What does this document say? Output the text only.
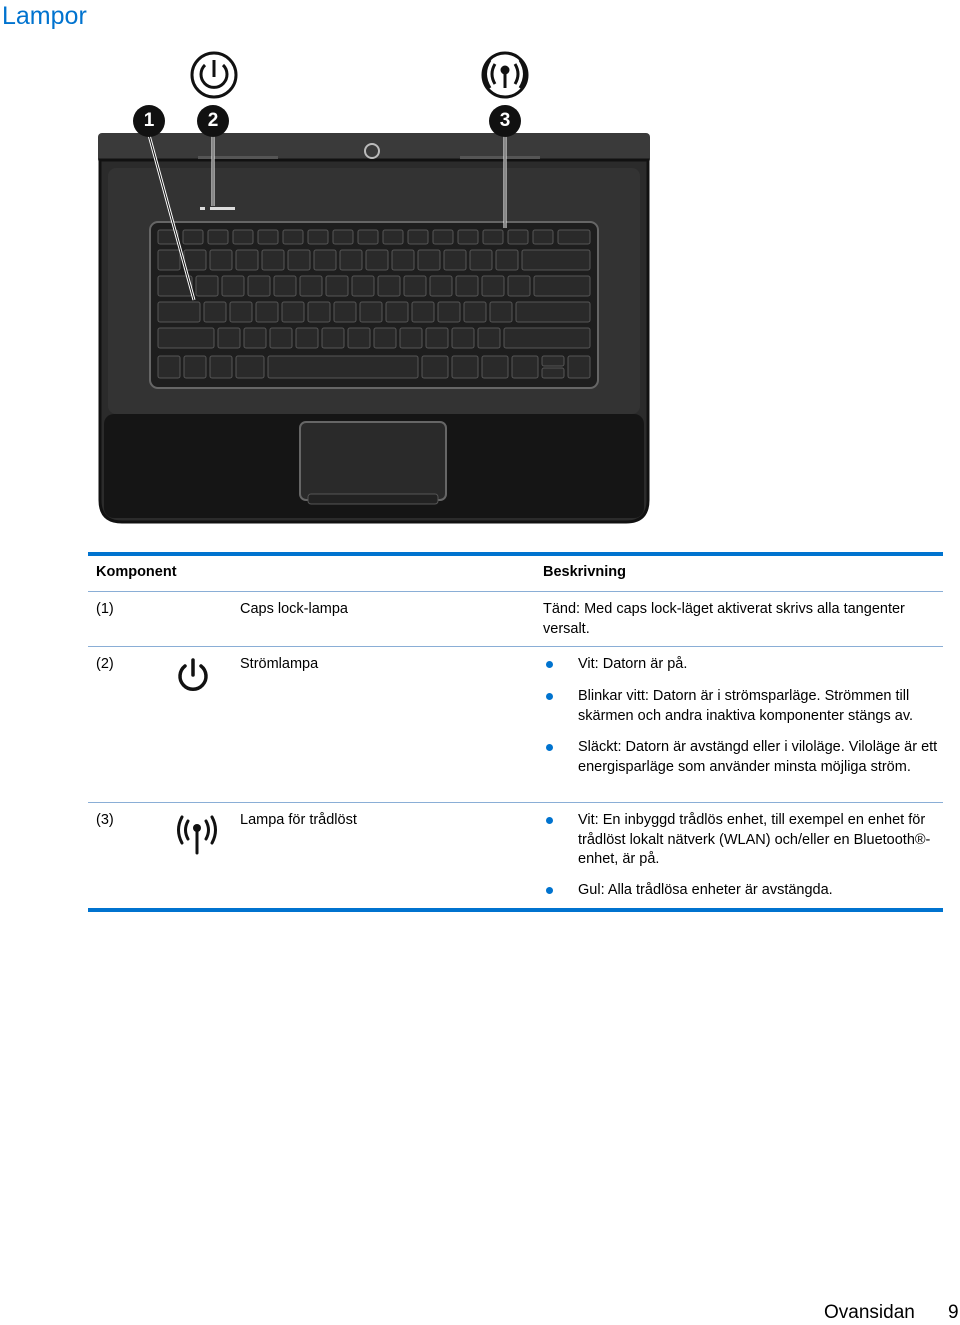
Lampor
1	2	3
Komponent	Beskrivning
(1)	Caps lock-lampa	Tänd: Med caps lock-läget aktiverat skrivs alla tangenter versalt.
(2)	Strömlampa	Vit: Datorn är på.
Blinkar vitt: Datorn är i strömsparläge. Strömmen till skärmen och andra inaktiva komponenter stängs av.
Släckt: Datorn är avstängd eller i viloläge. Viloläge är ett energisparläge som använder minsta möjliga ström.
(3)	Lampa för trådlöst	Vit: En inbyggd trådlös enhet, till exempel en enhet för trådlöst lokalt nätverk (WLAN) och/eller en Bluetooth®-enhet, är på.
Gul: Alla trådlösa enheter är avstängda.
Ovansidan 9
